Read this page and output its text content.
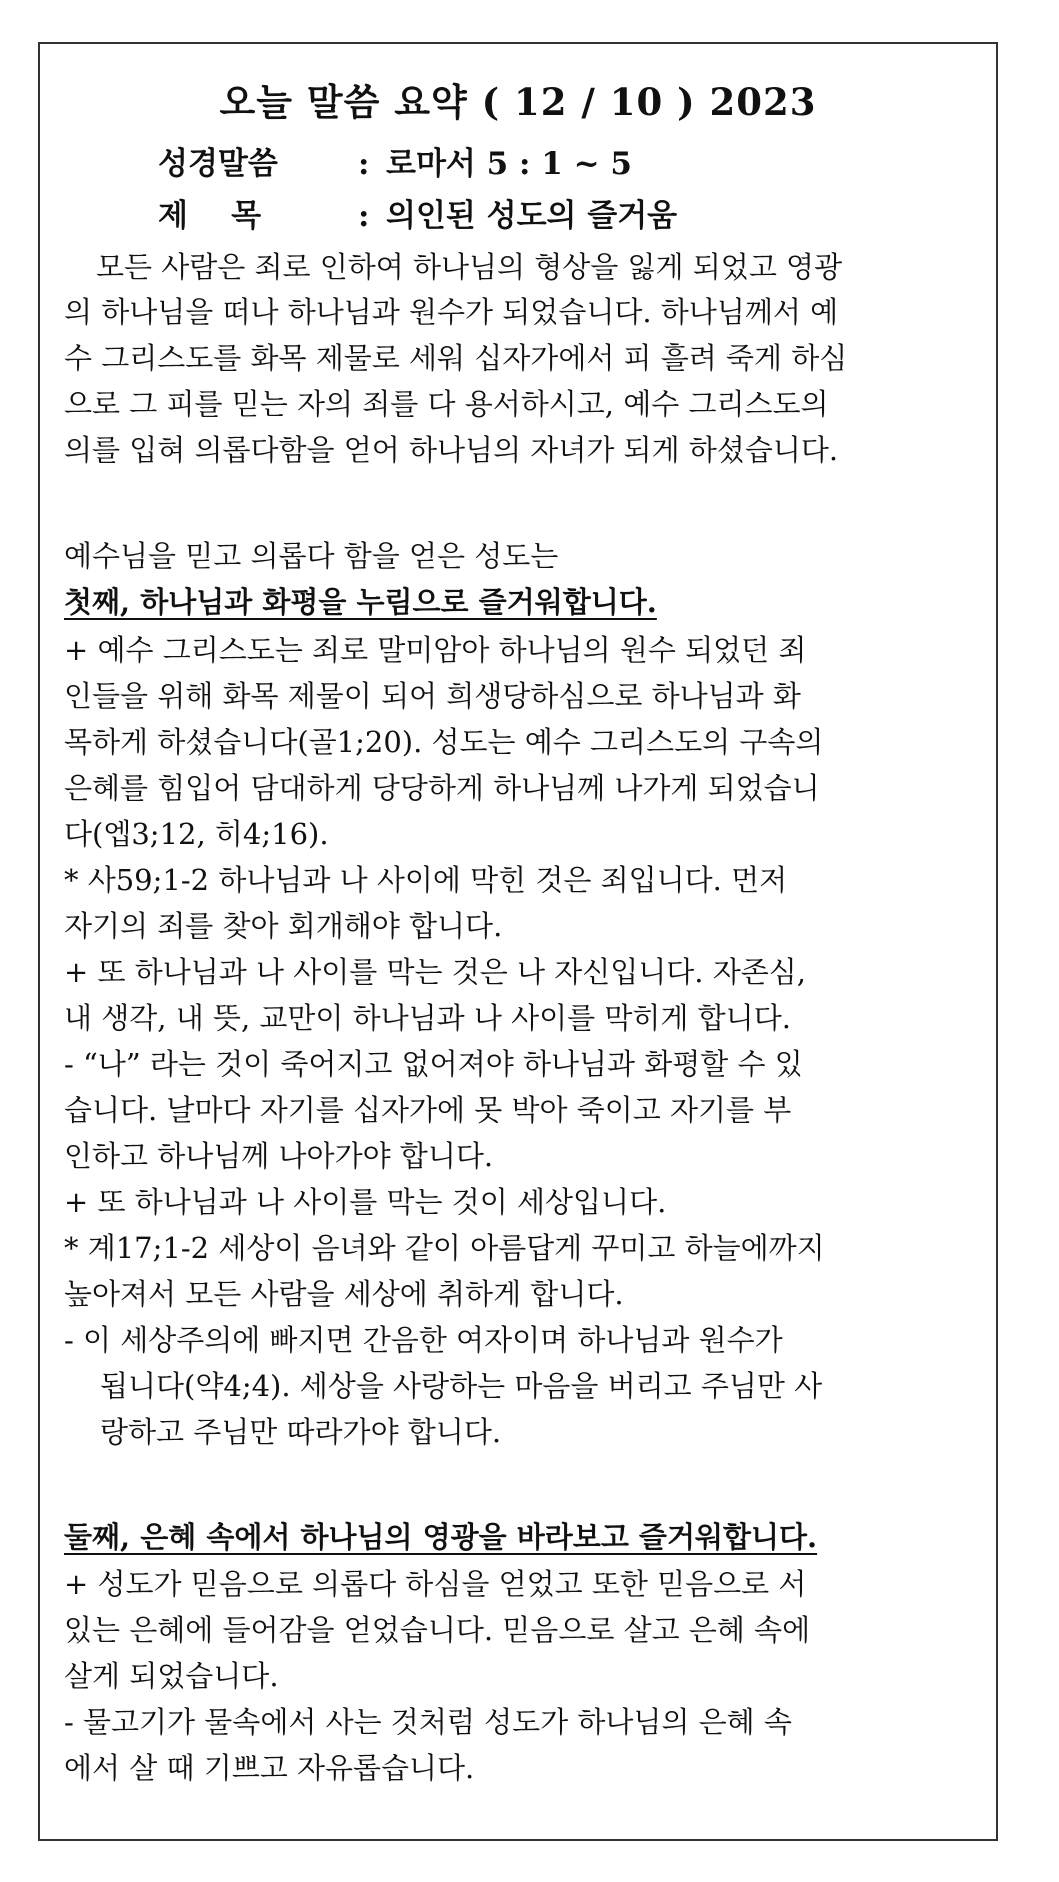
오늘 말씀 요약 ( 12 / 10 ) 2023
성경말씀	: 로마서 5 : 1 ~ 5
제    목	: 의인된 성도의 즐거움
모든 사람은 죄로 인하여 하나님의 형상을 잃게 되었고 영광
의 하나님을 떠나 하나님과 원수가 되었습니다. 하나님께서 예
수 그리스도를 화목 제물로 세워 십자가에서 피 흘려 죽게 하심
으로 그 피를 믿는 자의 죄를 다 용서하시고, 예수 그리스도의
의를 입혀 의롭다함을 얻어 하나님의 자녀가 되게 하셨습니다.
예수님을 믿고 의롭다 함을 얻은 성도는
첫째, 하나님과 화평을 누림으로 즐거워합니다.
+ 예수 그리스도는 죄로 말미암아 하나님의 원수 되었던 죄
인들을 위해 화목 제물이 되어 희생당하심으로 하나님과 화
목하게 하셨습니다(골1;20). 성도는 예수 그리스도의 구속의
은혜를 힘입어 담대하게 당당하게 하나님께 나가게 되었습니
다(엡3;12, 히4;16).
* 사59;1-2 하나님과 나 사이에 막힌 것은 죄입니다. 먼저
자기의 죄를 찾아 회개해야 합니다.
+ 또 하나님과 나 사이를 막는 것은 나 자신입니다. 자존심,
내 생각, 내 뜻, 교만이 하나님과 나 사이를 막히게 합니다.
- “나” 라는 것이 죽어지고 없어져야 하나님과 화평할 수 있
습니다. 날마다 자기를 십자가에 못 박아 죽이고 자기를 부
인하고 하나님께 나아가야 합니다.
+ 또 하나님과 나 사이를 막는 것이 세상입니다.
* 계17;1-2 세상이 음녀와 같이 아름답게 꾸미고 하늘에까지
높아져서 모든 사람을 세상에 취하게 합니다.
- 이 세상주의에 빠지면 간음한 여자이며 하나님과 원수가
됩니다(약4;4). 세상을 사랑하는 마음을 버리고 주님만 사
랑하고 주님만 따라가야 합니다.
둘째, 은혜 속에서 하나님의 영광을 바라보고 즐거워합니다.
+ 성도가 믿음으로 의롭다 하심을 얻었고 또한 믿음으로 서
있는 은혜에 들어감을 얻었습니다. 믿음으로 살고 은혜 속에
살게 되었습니다.
- 물고기가 물속에서 사는 것처럼 성도가 하나님의 은혜 속
에서 살 때 기쁘고 자유롭습니다.
